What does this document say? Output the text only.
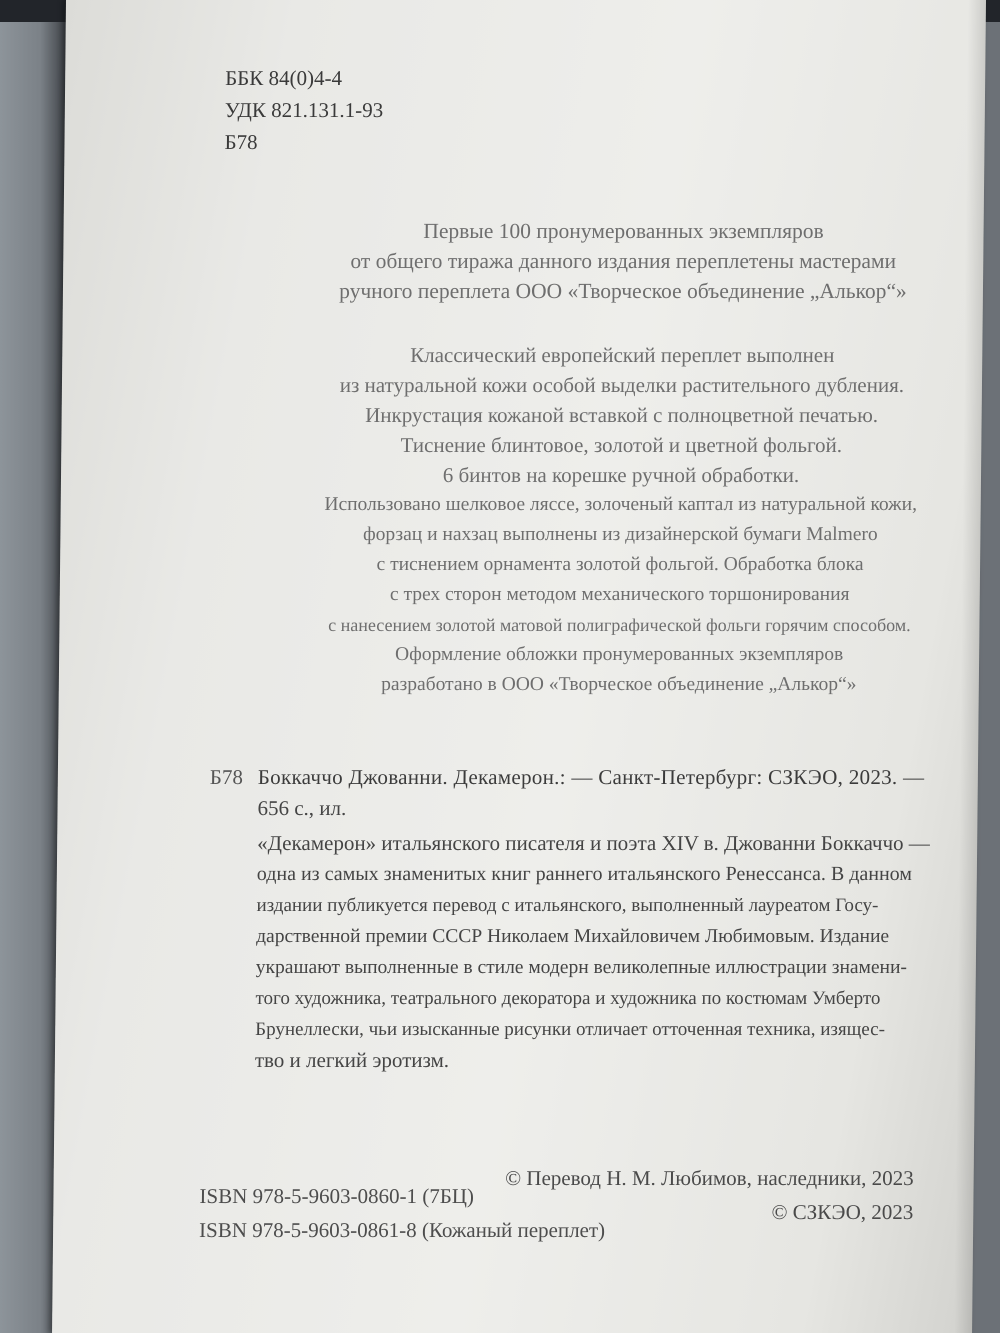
ББК 84(0)4-4
УДК 821.131.1-93
Б78
Первые 100 пронумерованных экземпляров
от общего тиража данного издания переплетены мастерами
ручного переплета ООО «Творческое объединение „Алькор“»
Классический европейский переплет выполнен
из натуральной кожи особой выделки растительного дубления.
Инкрустация кожаной вставкой с полноцветной печатью.
Тиснение блинтовое, золотой и цветной фольгой.
6 бинтов на корешке ручной обработки.
Использовано шелковое ляссе, золоченый каптал из натуральной кожи,
форзац и нахзац выполнены из дизайнерской бумаги Malmero
с тиснением орнамента золотой фольгой. Обработка блока
с трех сторон методом механического торшонирования
с нанесением золотой матовой полиграфической фольги горячим способом.
Оформление обложки пронумерованных экземпляров
разработано в ООО «Творческое объединение „Алькор“»
Б78 Боккаччо Джованни. Декамерон.: — Санкт-Петербург: СЗКЭО, 2023. —
656 с., ил.
«Декамерон» итальянского писателя и поэта XIV в. Джованни Боккаччо —
одна из самых знаменитых книг раннего итальянского Ренессанса. В данном
издании публикуется перевод с итальянского, выполненный лауреатом Госу-
дарственной премии СССР Николаем Михайловичем Любимовым. Издание
украшают выполненные в стиле модерн великолепные иллюстрации знамени-
того художника, театрального декоратора и художника по костюмам Умберто
Брунеллески, чьи изысканные рисунки отличает отточенная техника, изящес-
тво и легкий эротизм.
© Перевод Н. М. Любимов, наследники, 2023
© СЗКЭО, 2023
ISBN 978-5-9603-0860-1 (7БЦ)
ISBN 978-5-9603-0861-8 (Кожаный переплет)
